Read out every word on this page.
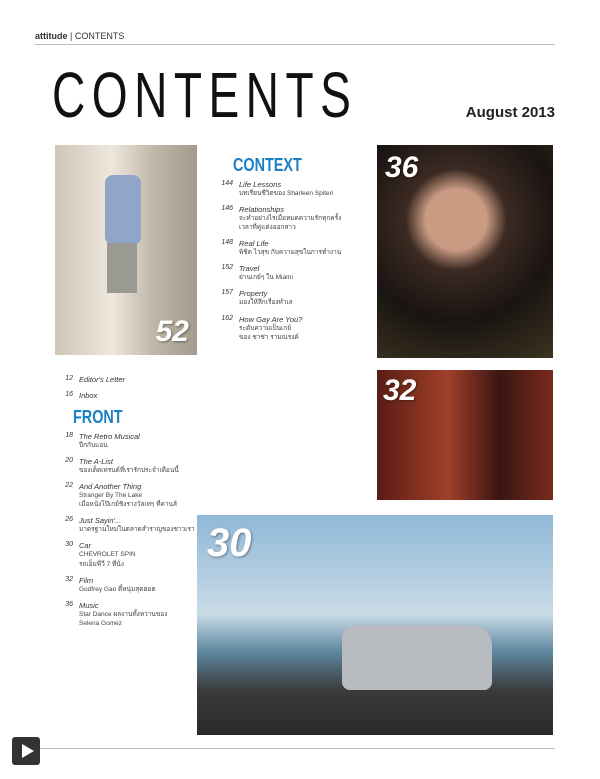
attitude | CONTENTS
CONTENTS	August 2013
52
CONTEXT
144 Life Lessons
บทเรียนชีวิตของ Sharleen Spiteri
146 Relationships
จะทำอย่างไรเมื่อหมดความรักทุกครั้ง
เวลาที่คู่แต่งออกสาว
148 Real Life
พิชิต ไวสุข กับความสุขในการทำงาน
152 Travel
ย่านเกย์ๆ ใน Miami
157 Property
มองให้ลึกเรื่องทำเล
162 How Gay Are You?
ระดับความเป็นเกย์
ของ ชาช่า รามณรงค์
36
32
12 Editor's Letter
16 Inbox
FRONT
18 The Retro Musical
ปีกกับแอน
20 The A-List
ของเด็ดเทรนด์ที่เรารักประจำเดือนนี้
22 And Another Thing
Stranger By The Lake
เมื่อหนังโป๊เกย์ชิงรางวัลเท่ๆ ที่คานส์
26 Just Sayin'...
มาตรฐานใหม่ในตลาดสำราญของชาวเรา
30 Car
CHEVROLET SPIN
รถเอ็มพีวี 7 ที่นั่ง
32 Film
Godfrey Gao ตี๋หนุ่มสุดฮอต
36 Music
Star Dance ผลงานทั้งหวานของ
Selena Gomez
30
